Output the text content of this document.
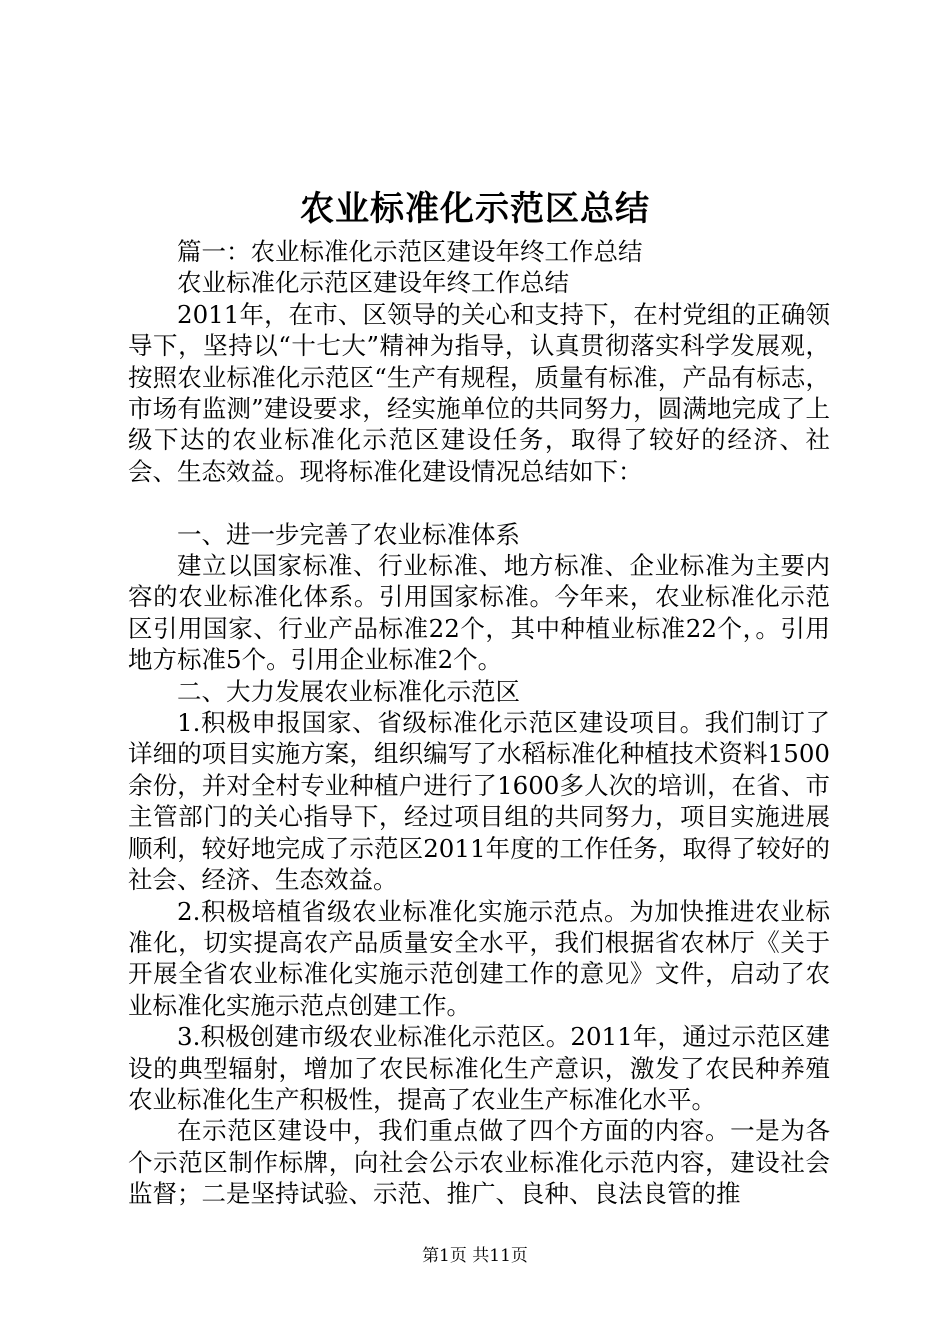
农业标准化示范区总结

篇一：农业标准化示范区建设年终工作总结

农业标准化示范区建设年终工作总结

2011年，在市、区领导的关心和支持下，在村党组的正确领导下，坚持以“十七大”精神为指导，认真贯彻落实科学发展观，按照农业标准化示范区“生产有规程，质量有标准，产品有标志，市场有监测”建设要求，经实施单位的共同努力，圆满地完成了上级下达的农业标准化示范区建设任务，取得了较好的经济、社会、生态效益。现将标准化建设情况总结如下：

一、进一步完善了农业标准体系

建立以国家标准、行业标准、地方标准、企业标准为主要内容的农业标准化体系。引用国家标准。今年来，农业标准化示范区引用国家、行业产品标准22个，其中种植业标准22个，。引用地方标准5个。引用企业标准2个。

二、大力发展农业标准化示范区

1.积极申报国家、省级标准化示范区建设项目。我们制订了详细的项目实施方案，组织编写了水稻标准化种植技术资料1500余份，并对全村专业种植户进行了1600多人次的培训，在省、市主管部门的关心指导下，经过项目组的共同努力，项目实施进展顺利，较好地完成了示范区2011年度的工作任务，取得了较好的社会、经济、生态效益。

2.积极培植省级农业标准化实施示范点。为加快推进农业标准化，切实提高农产品质量安全水平，我们根据省农林厅《关于开展全省农业标准化实施示范创建工作的意见》文件，启动了农业标准化实施示范点创建工作。

3.积极创建市级农业标准化示范区。2011年，通过示范区建设的典型辐射，增加了农民标准化生产意识，激发了农民种养殖农业标准化生产积极性，提高了农业生产标准化水平。

在示范区建设中，我们重点做了四个方面的内容。一是为各个示范区制作标牌，向社会公示农业标准化示范内容，建设社会监督；二是坚持试验、示范、推广、良种、良法良管的推

第1页 共11页
